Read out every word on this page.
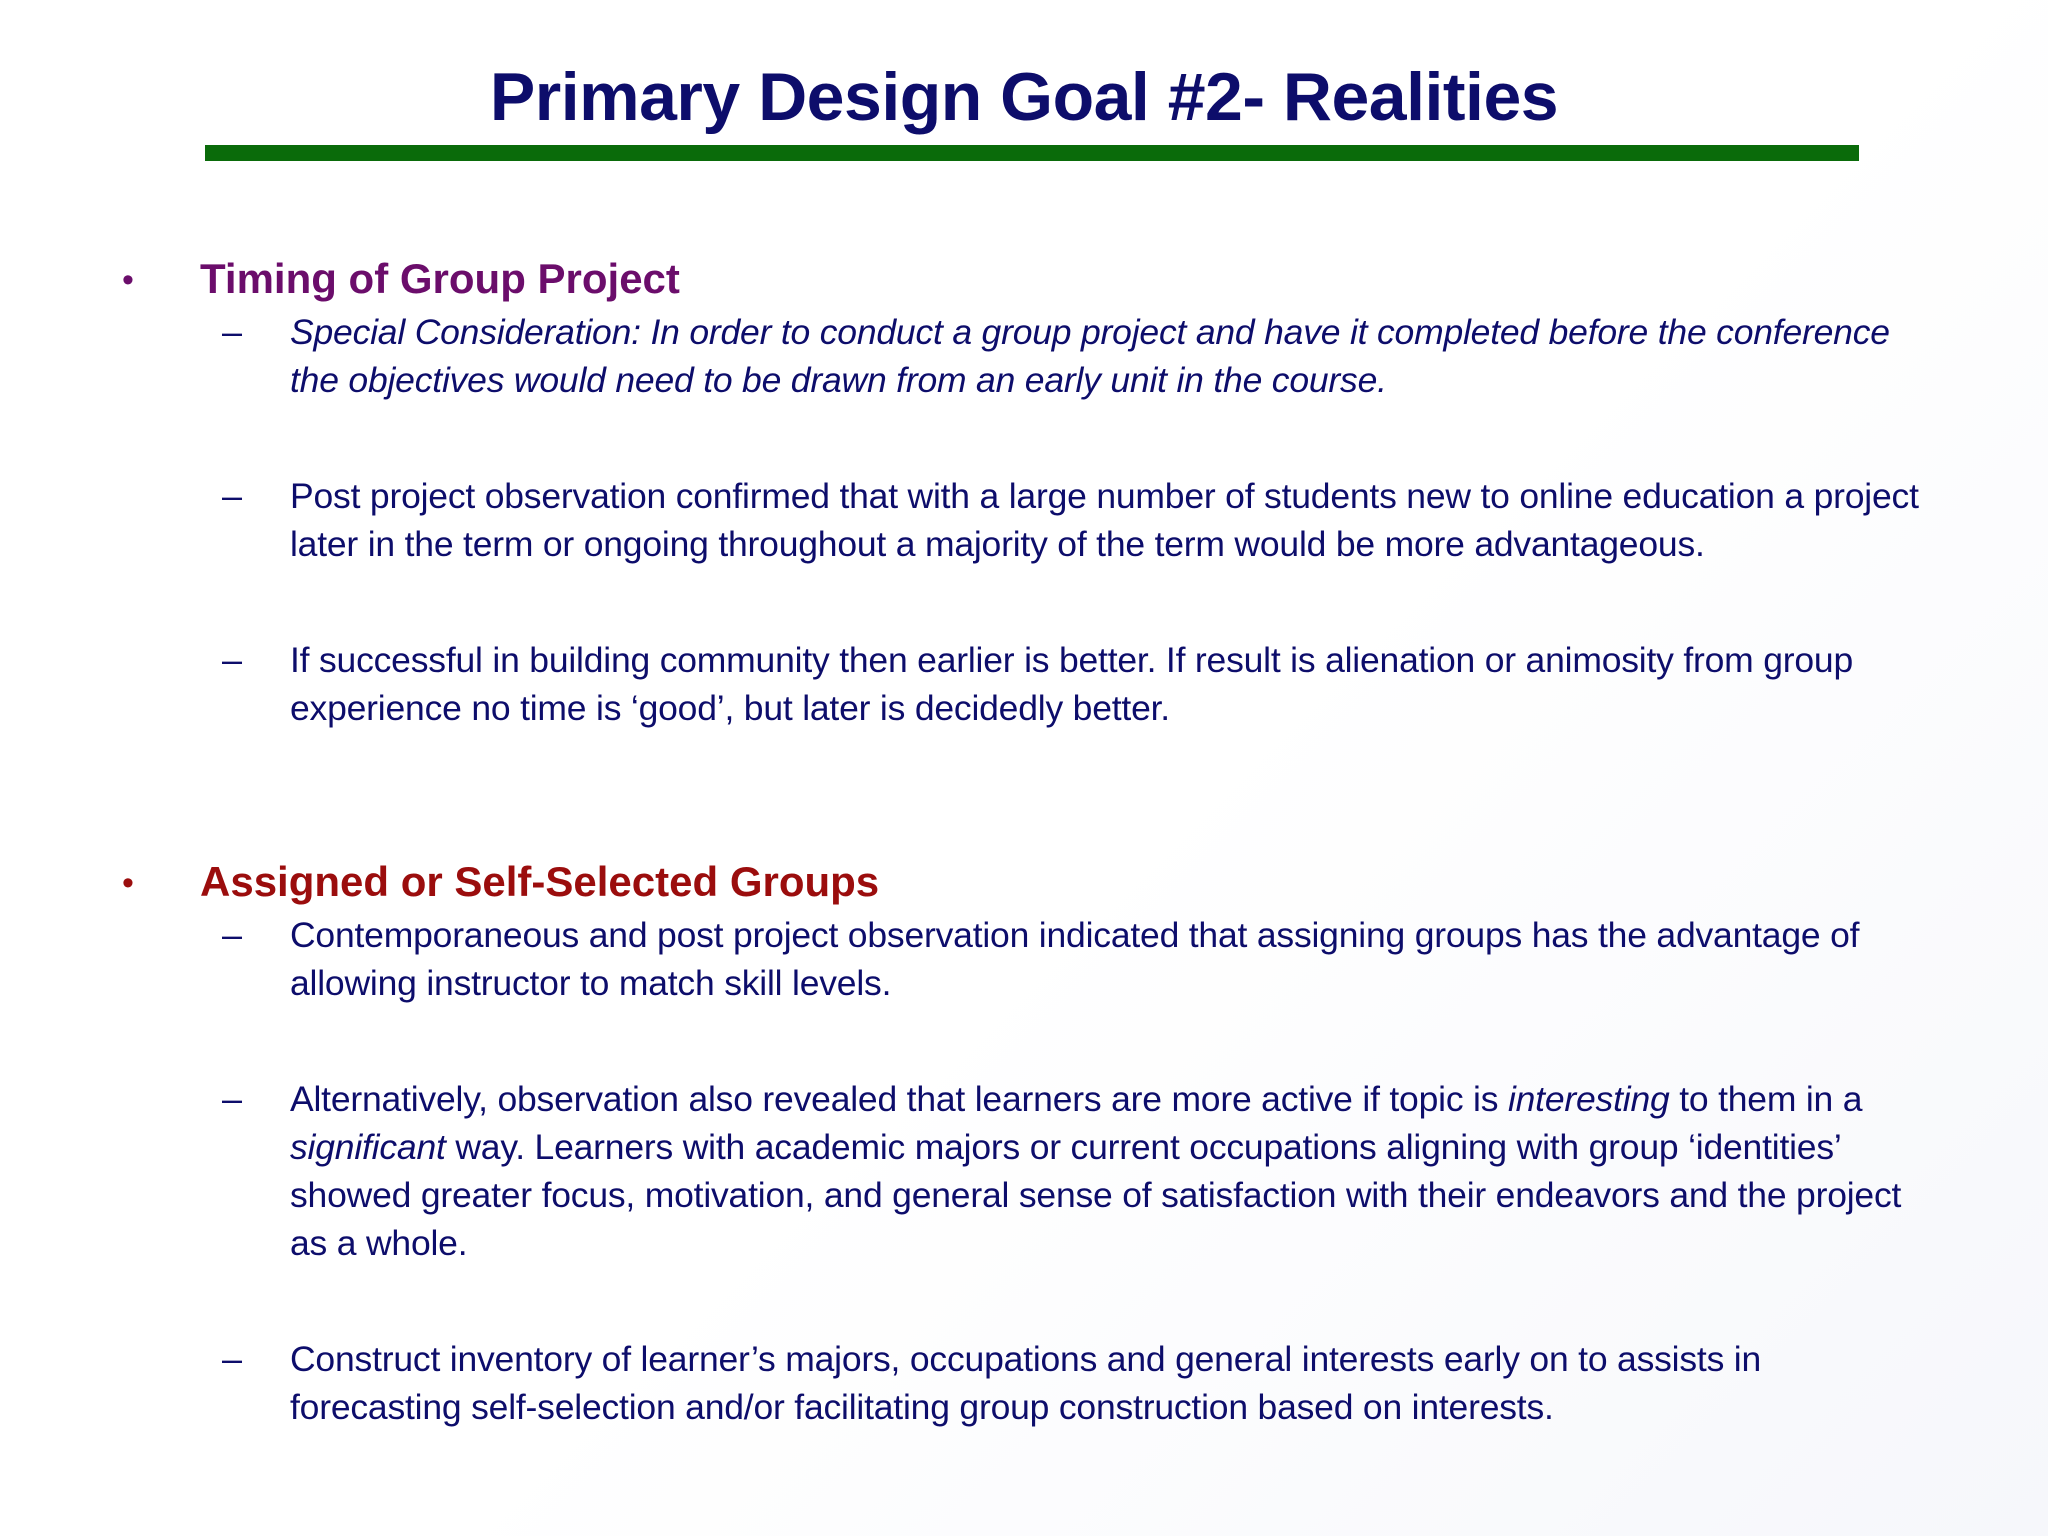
Primary Design Goal #2- Realities
• Timing of Group Project
– Special Consideration: In order to conduct a group project and have it completed before the conference the objectives would need to be drawn from an early unit in the course.
– Post project observation confirmed that with a large number of students new to online education a project later in the term or ongoing throughout a majority of the term would be more advantageous.
– If successful in building community then earlier is better. If result is alienation or animosity from group experience no time is ‘good’, but later is decidedly better.
• Assigned or Self-Selected Groups
– Contemporaneous and post project observation indicated that assigning groups has the advantage of allowing instructor to match skill levels.
– Alternatively, observation also revealed that learners are more active if topic is interesting to them in a significant way. Learners with academic majors or current occupations aligning with group ‘identities’ showed greater focus, motivation, and general sense of satisfaction with their endeavors and the project as a whole.
– Construct inventory of learner’s majors, occupations and general interests early on to assists in forecasting self-selection and/or facilitating group construction based on interests.
